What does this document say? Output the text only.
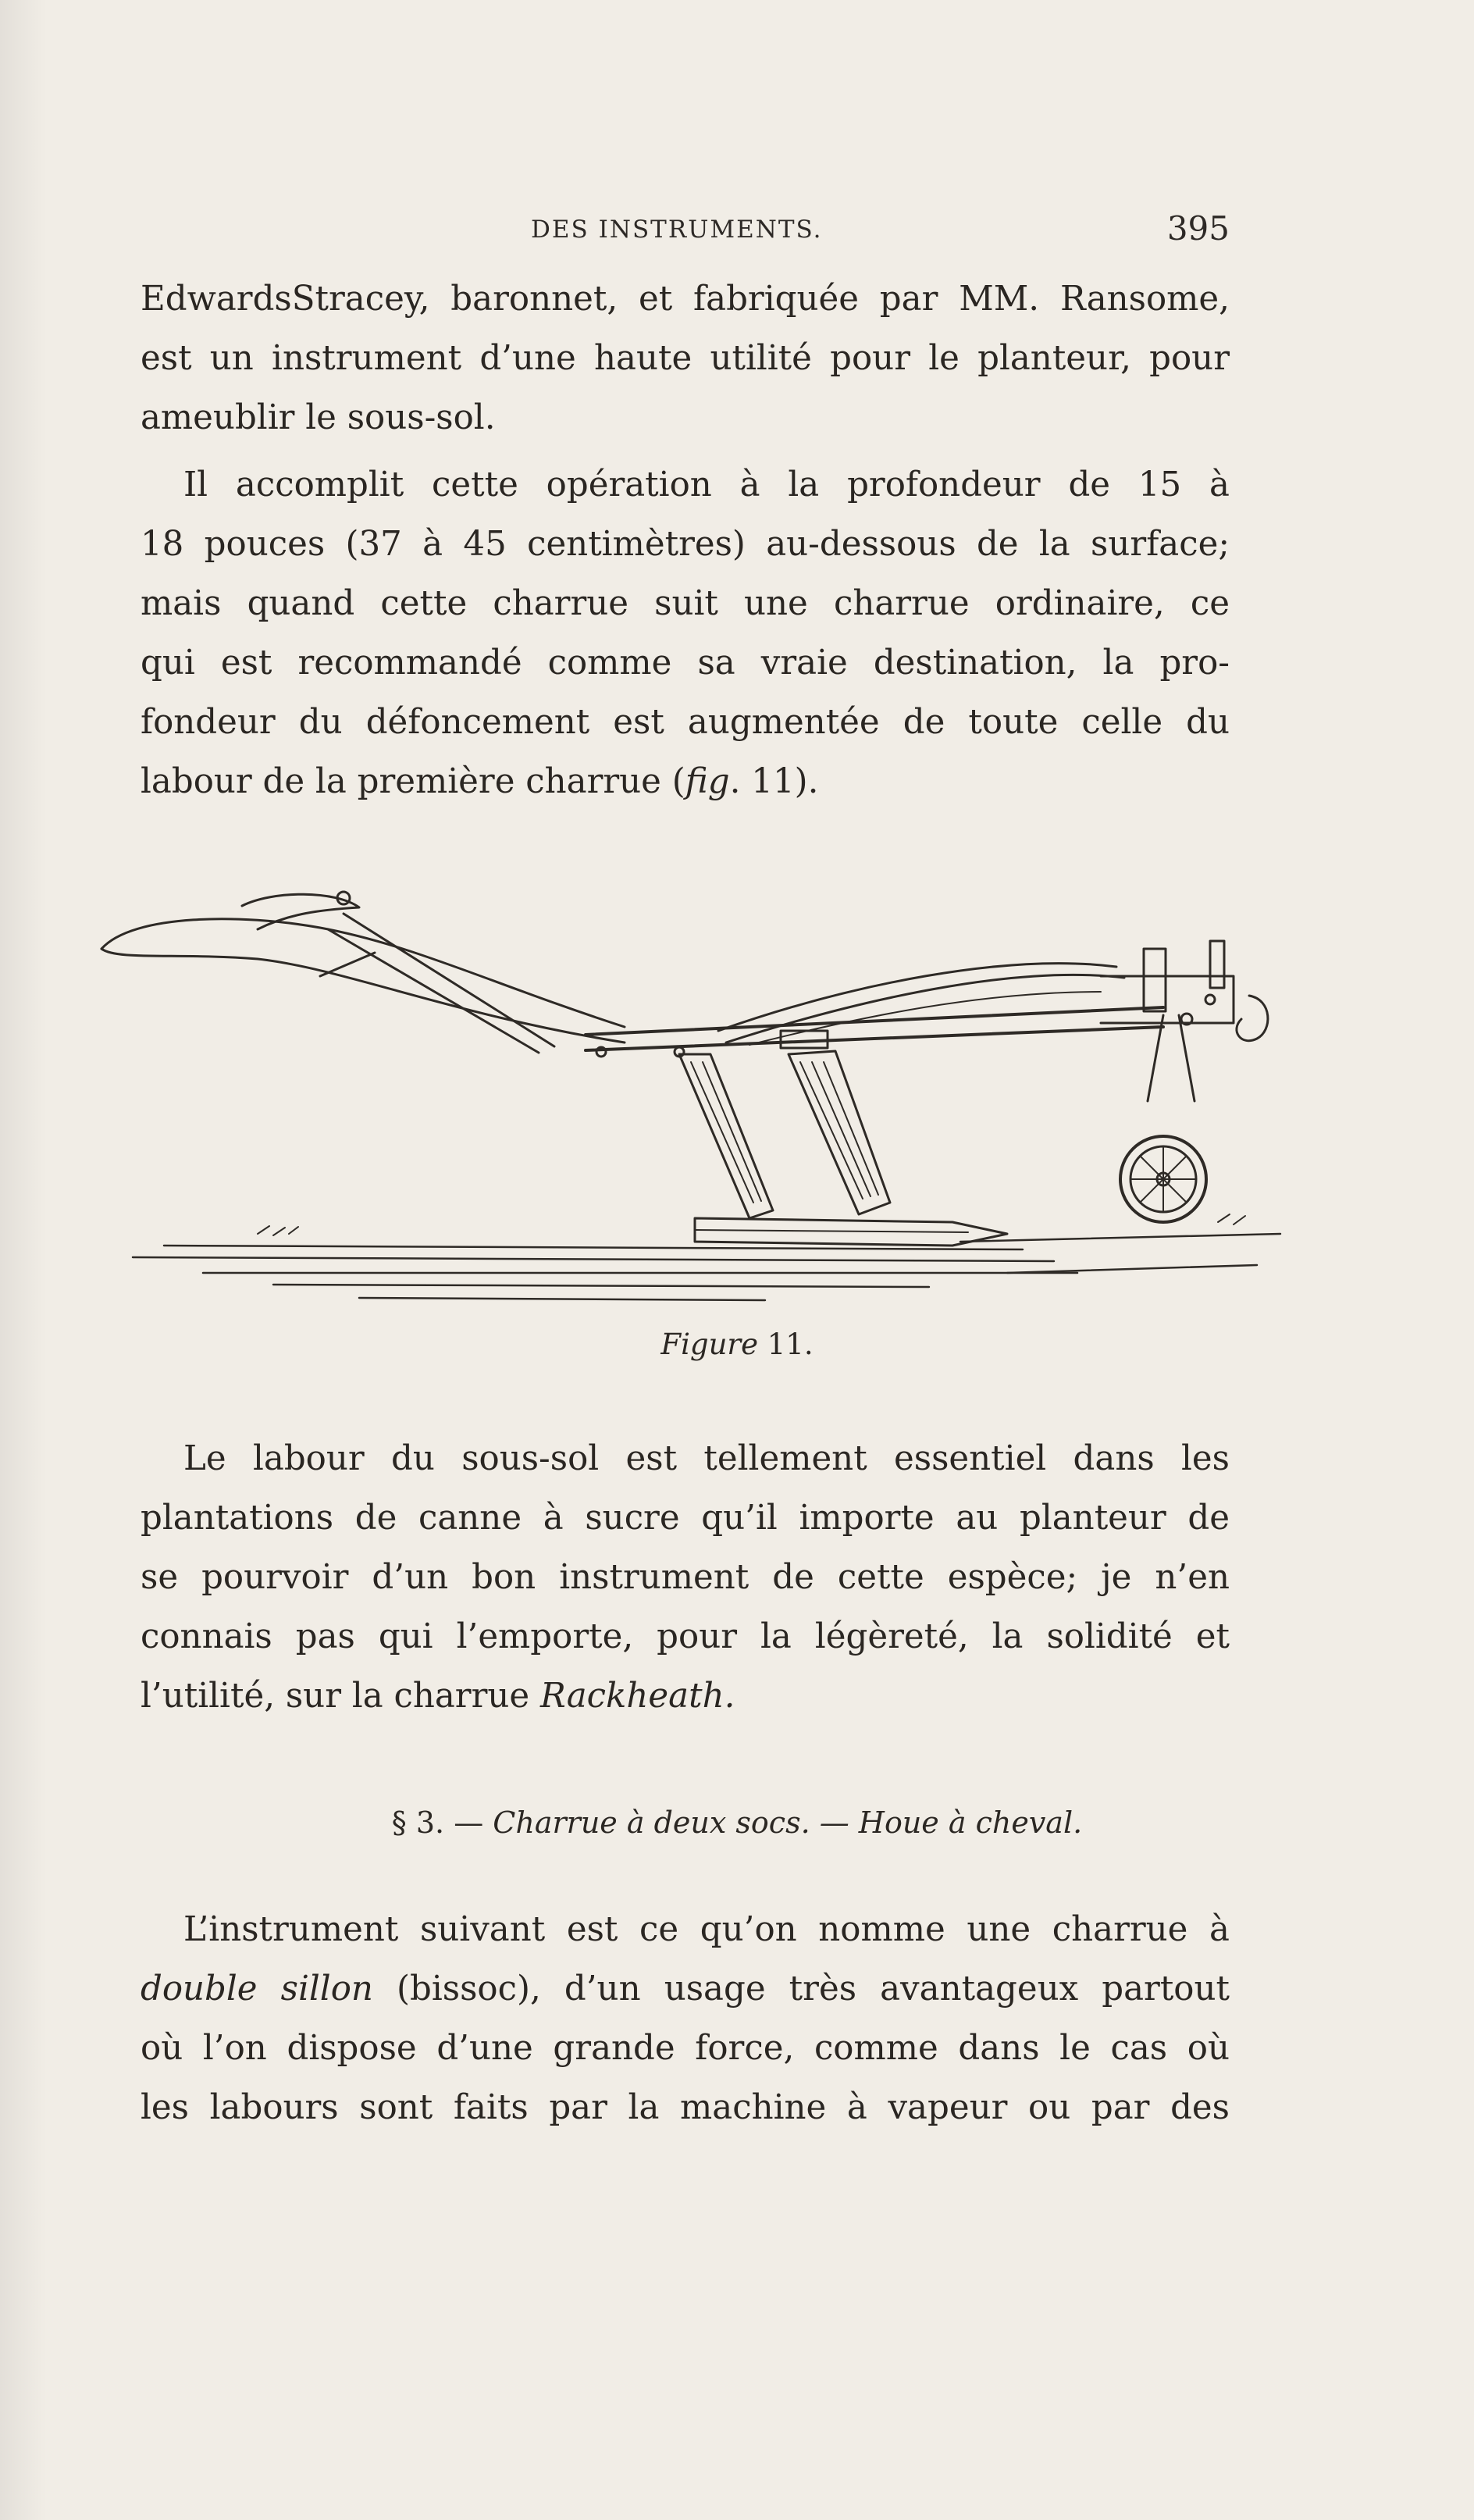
DES INSTRUMENTS.	395
EdwardsStracey, baronnet, et fabriquée par MM. Ransome,
est un instrument d’une haute utilité pour le planteur, pour
ameublir le sous-sol.
Il accomplit cette opération à la profondeur de 15 à
18 pouces (37 à 45 centimètres) au-dessous de la surface;
mais quand cette charrue suit une charrue ordinaire, ce
qui est recommandé comme sa vraie destination, la pro-
fondeur du défoncement est augmentée de toute celle du
labour de la première charrue (fig. 11).
Figure 11.
Le labour du sous-sol est tellement essentiel dans les
plantations de canne à sucre qu’il importe au planteur de
se pourvoir d’un bon instrument de cette espèce; je n’en
connais pas qui l’emporte, pour la légèreté, la solidité et
l’utilité, sur la charrue Rackheath.
§ 3. — Charrue à deux socs. — Houe à cheval.
L’instrument suivant est ce qu’on nomme une charrue à
double sillon (bissoc), d’un usage très avantageux partout
où l’on dispose d’une grande force, comme dans le cas où
les labours sont faits par la machine à vapeur ou par des
